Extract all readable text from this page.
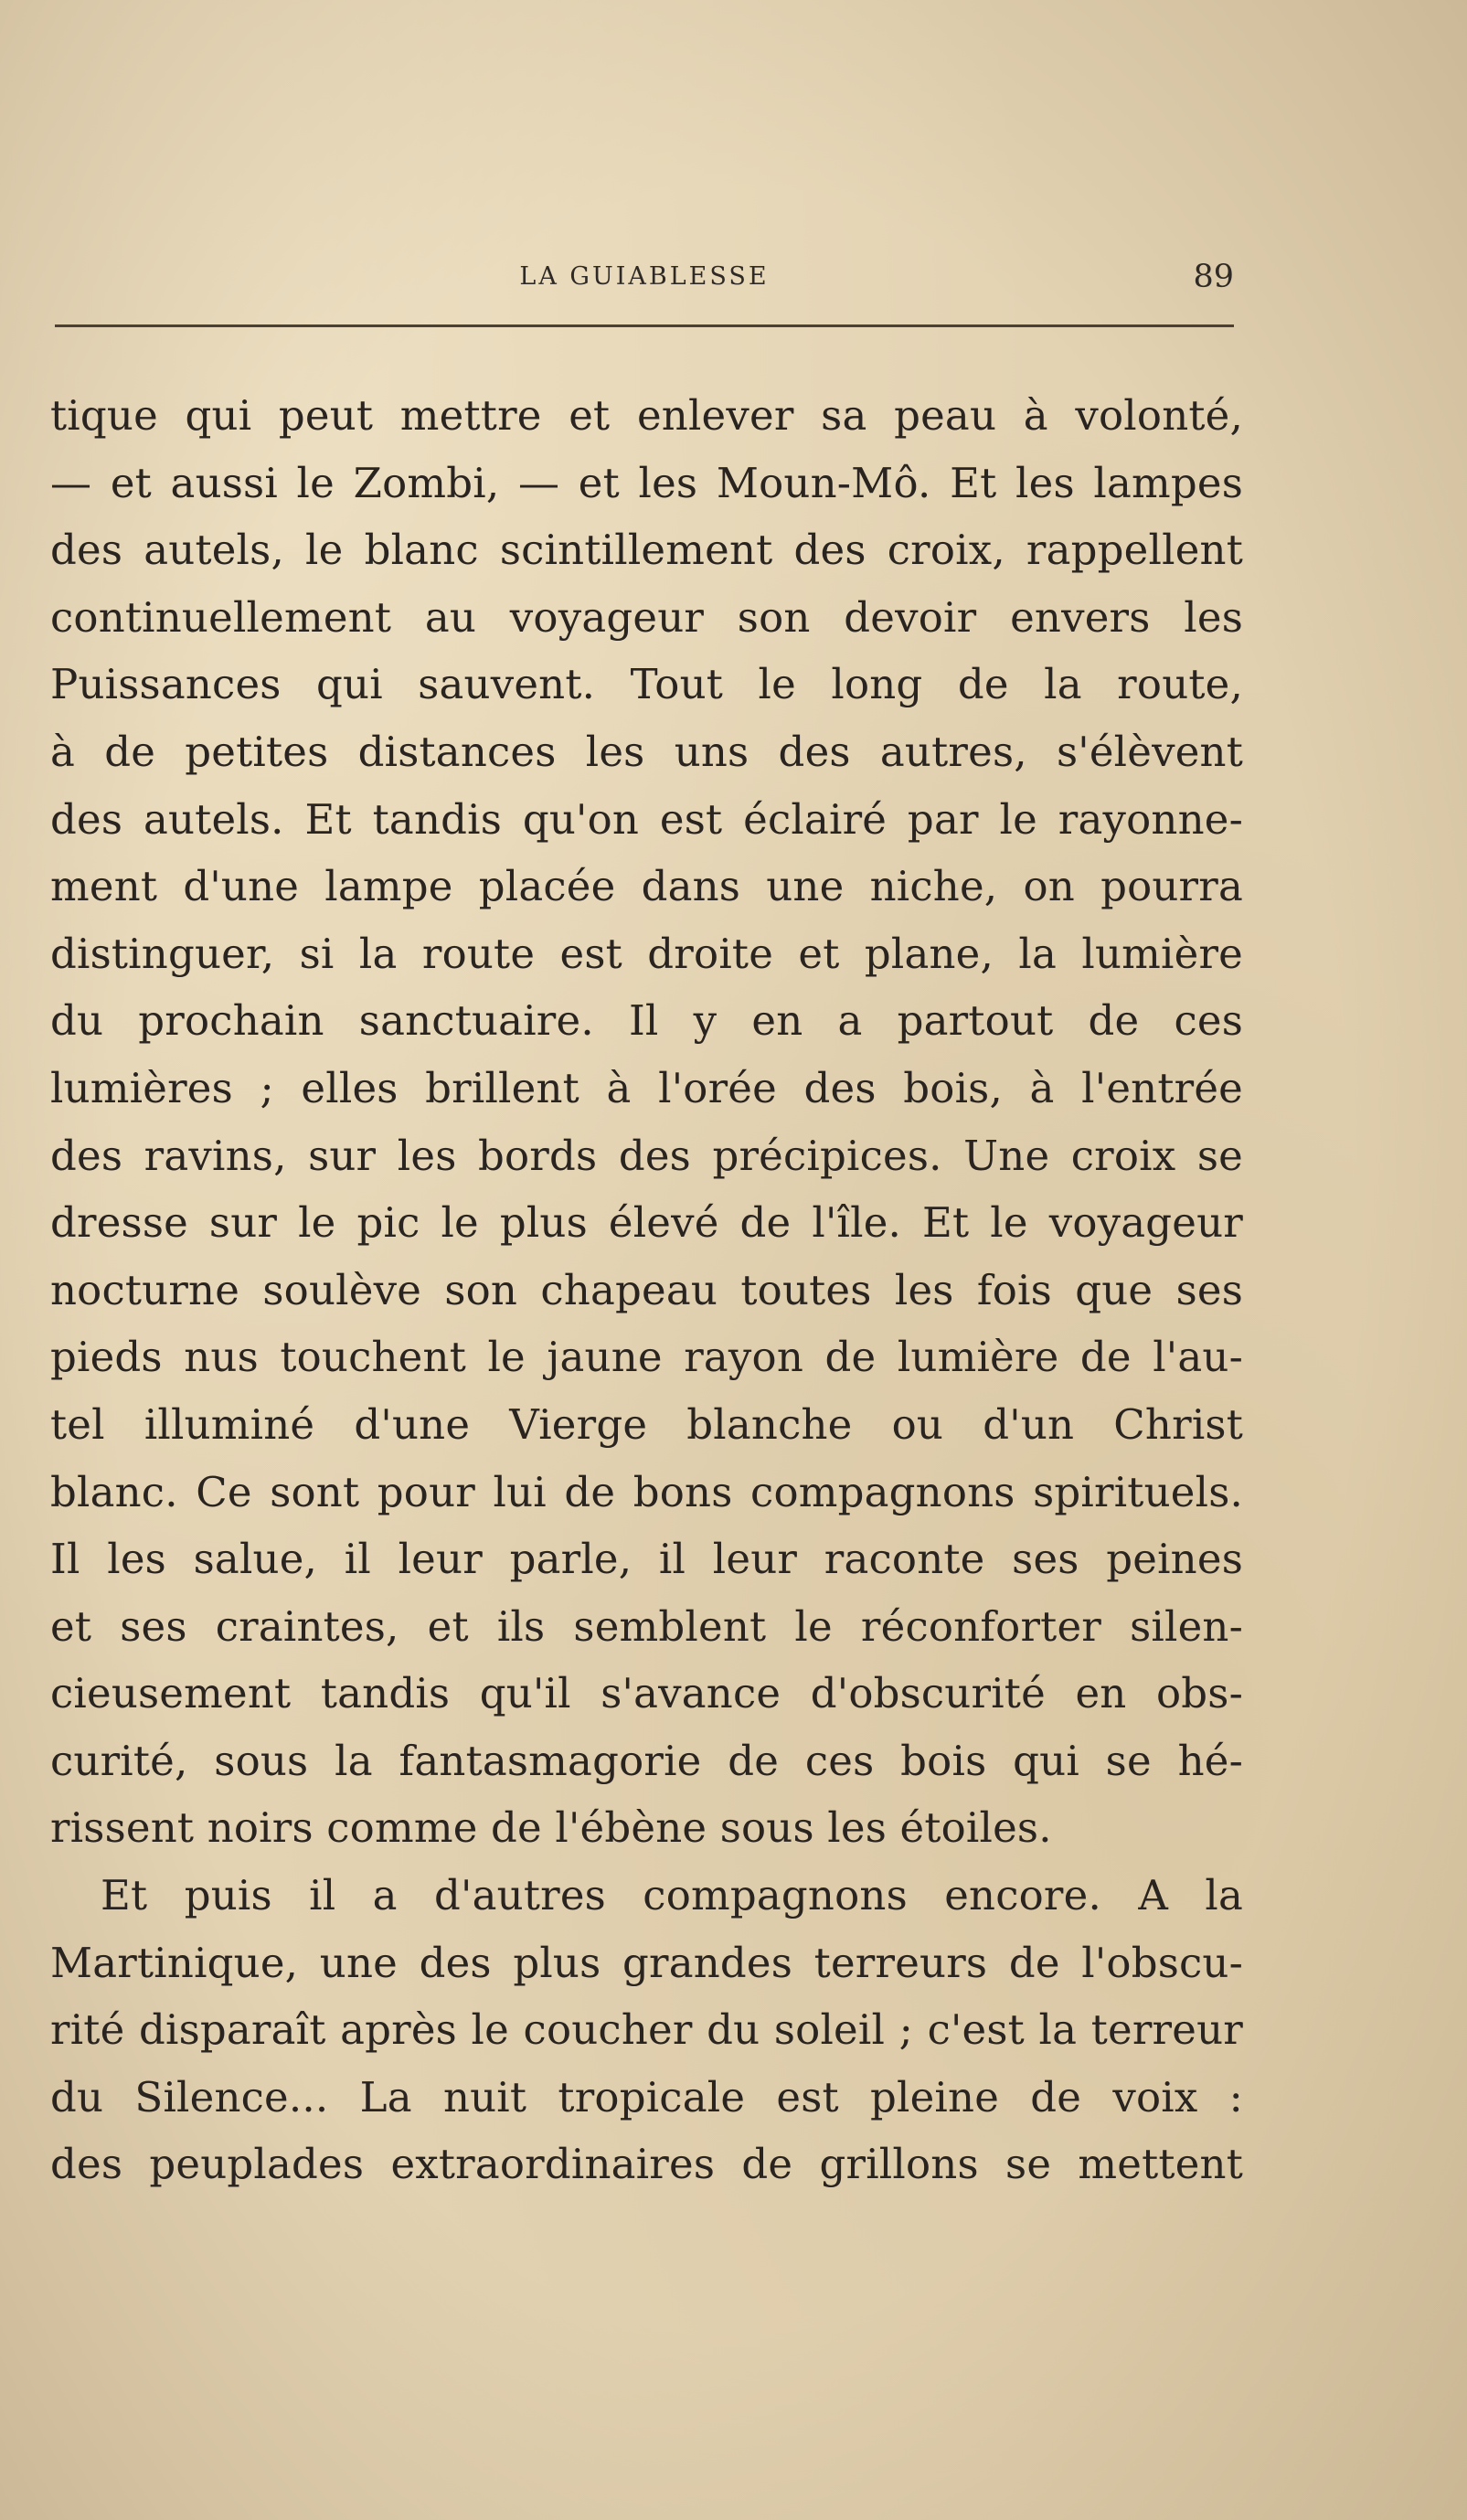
LA GUIABLESSE	89
tique qui peut mettre et enlever sa peau à volonté,
— et aussi le Zombi, — et les Moun-Mô. Et les lampes
des autels, le blanc scintillement des croix, rappellent
continuellement au voyageur son devoir envers les
Puissances qui sauvent. Tout le long de la route,
à de petites distances les uns des autres, s'élèvent
des autels. Et tandis qu'on est éclairé par le rayonne-
ment d'une lampe placée dans une niche, on pourra
distinguer, si la route est droite et plane, la lumière
du prochain sanctuaire. Il y en a partout de ces
lumières ; elles brillent à l'orée des bois, à l'entrée
des ravins, sur les bords des précipices. Une croix se
dresse sur le pic le plus élevé de l'île. Et le voyageur
nocturne soulève son chapeau toutes les fois que ses
pieds nus touchent le jaune rayon de lumière de l'au-
tel illuminé d'une Vierge blanche ou d'un Christ
blanc. Ce sont pour lui de bons compagnons spirituels.
Il les salue, il leur parle, il leur raconte ses peines
et ses craintes, et ils semblent le réconforter silen-
cieusement tandis qu'il s'avance d'obscurité en obs-
curité, sous la fantasmagorie de ces bois qui se hé-
rissent noirs comme de l'ébène sous les étoiles.
Et puis il a d'autres compagnons encore. A la
Martinique, une des plus grandes terreurs de l'obscu-
rité disparaît après le coucher du soleil ; c'est la terreur
du Silence... La nuit tropicale est pleine de voix :
des peuplades extraordinaires de grillons se mettent
